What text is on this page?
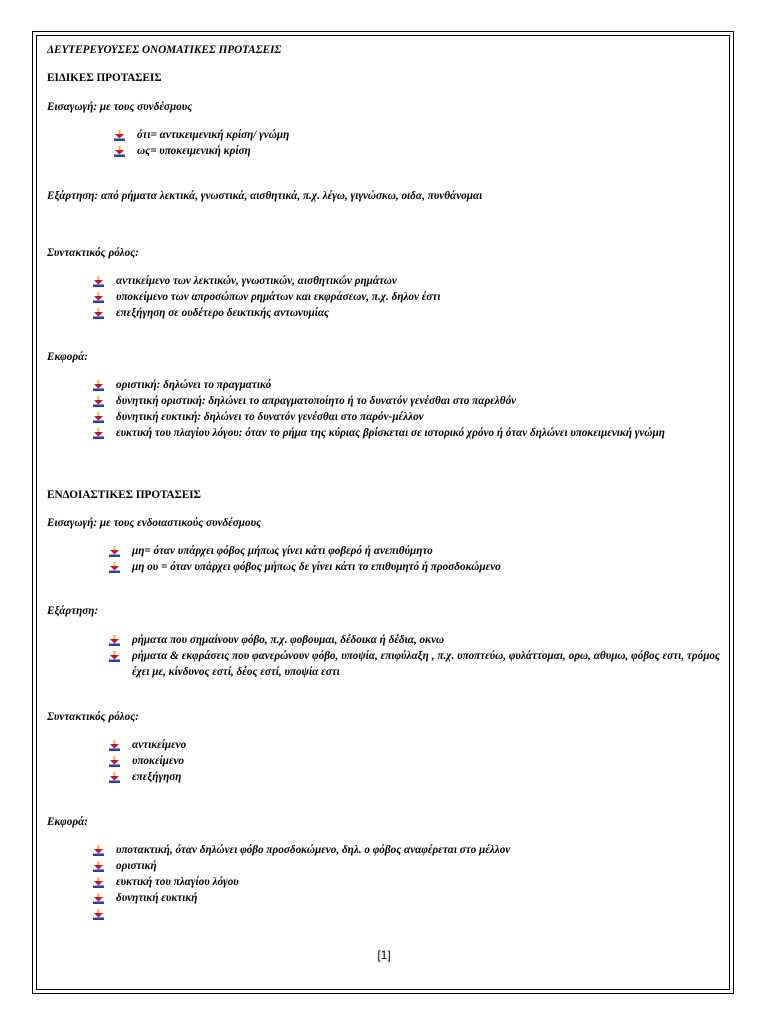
ΔΕΥΤΕΡΕΥΟΥΣΕΣ ΟΝΟΜΑΤΙΚΕΣ ΠΡΟΤΑΣΕΙΣ
ΕΙΔΙΚΕΣ ΠΡΟΤΑΣΕΙΣ
Εισαγωγή: με τους συνδέσμους
ότι= αντικειμενική κρίση/ γνώμη
ως= υποκειμενική κρίση
Εξάρτηση: από ρήματα λεκτικά, γνωστικά, αισθητικά, π.χ. λέγω, γιγνώσκω, οιδα, πυνθάνομαι
Συντακτικός ρόλος:
αντικείμενο των λεκτικών, γνωστικών, αισθητικών ρημάτων
υποκείμενο των απροσώπων ρημάτων και εκφράσεων, π.χ. δηλον έστι
επεξήγηση σε ουδέτερο δεικτικής αντωνυμίας
Εκφορά:
οριστική: δηλώνει το πραγματικό
δυνητική οριστική: δηλώνει το απραγματοποίητο ή το δυνατόν γενέσθαι στο παρελθόν
δυνητική ευκτική: δηλώνει το δυνατόν γενέσθαι στο παρόν-μέλλον
ευκτική του πλαγίου λόγου: όταν το ρήμα της κύριας βρίσκεται σε ιστορικό χρόνο ή όταν δηλώνει υποκειμενική γνώμη
ΕΝΔΟΙΑΣΤΙΚΕΣ ΠΡΟΤΑΣΕΙΣ
Εισαγωγή: με τους ενδοιαστικούς συνδέσμους
μη= όταν υπάρχει φόβος μήπως γίνει κάτι φοβερό ή ανεπιθύμητο
μη ου = όταν υπάρχει φόβος μήπως δε γίνει κάτι το επιθυμητό ή προσδοκώμενο
Εξάρτηση:
ρήματα που σημαίνουν φόβο, π.χ. φοβουμαι, δέδοικα ή δέδια, οκνω
ρήματα & εκφράσεις που φανερώνουν φόβο, υποψία, επιφύλαξη , π.χ. υποπτεύω, φυλάττομαι, ορω, αθυμω, φόβος εστι, τρόμος έχει με, κίνδυνος εστί, δέος εστί, υποψία εστι
Συντακτικός ρόλος:
αντικείμενο
υποκείμενο
επεξήγηση
Εκφορά:
υποτακτική, όταν δηλώνει φόβο προσδοκώμενο, δηλ. ο φόβος αναφέρεται στο μέλλον
οριστική
ευκτική του πλαγίου λόγου
δυνητική ευκτική
[1]
